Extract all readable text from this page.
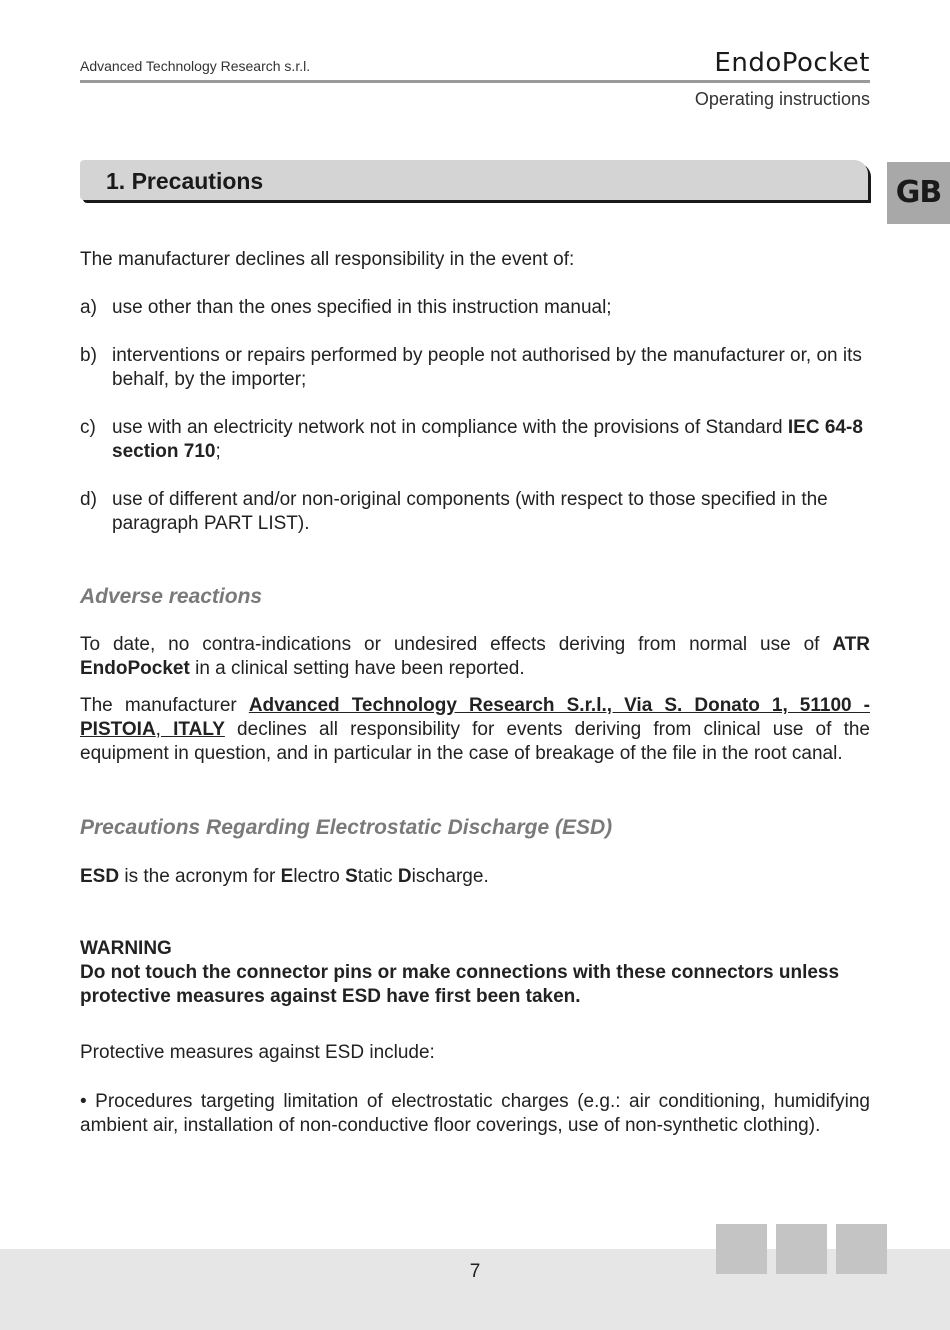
Advanced Technology Research s.r.l.	EndoPocket
Operating instructions
1. Precautions	GB

The manufacturer declines all responsibility in the event of:

a) use other than the ones specified in this instruction manual;
b) interventions or repairs performed by people not authorised by the manufacturer or, on its behalf, by the importer;
c) use with an electricity network not in compliance with the provisions of Standard IEC 64-8 section 710;
d) use of different and/or non-original components (with respect to those specified in the paragraph PART LIST).
Adverse reactions

To date, no contra-indications or undesired effects deriving from normal use of ATR EndoPocket in a clinical setting have been reported.

The manufacturer Advanced Technology Research S.r.l., Via S. Donato 1, 51100 - PISTOIA, ITALY declines all responsibility for events deriving from clinical use of the equipment in question, and in particular in the case of breakage of the file in the root canal.

Precautions Regarding Electrostatic Discharge (ESD)

ESD is the acronym for Electro Static Discharge.

WARNING

Do not touch the connector pins or make connections with these connectors unless protective measures against ESD have first been taken.

Protective measures against ESD include:

• Procedures targeting limitation of electrostatic charges (e.g.: air conditioning, humidifying ambient air, installation of non-conductive floor coverings, use of non-synthetic clothing).

7
